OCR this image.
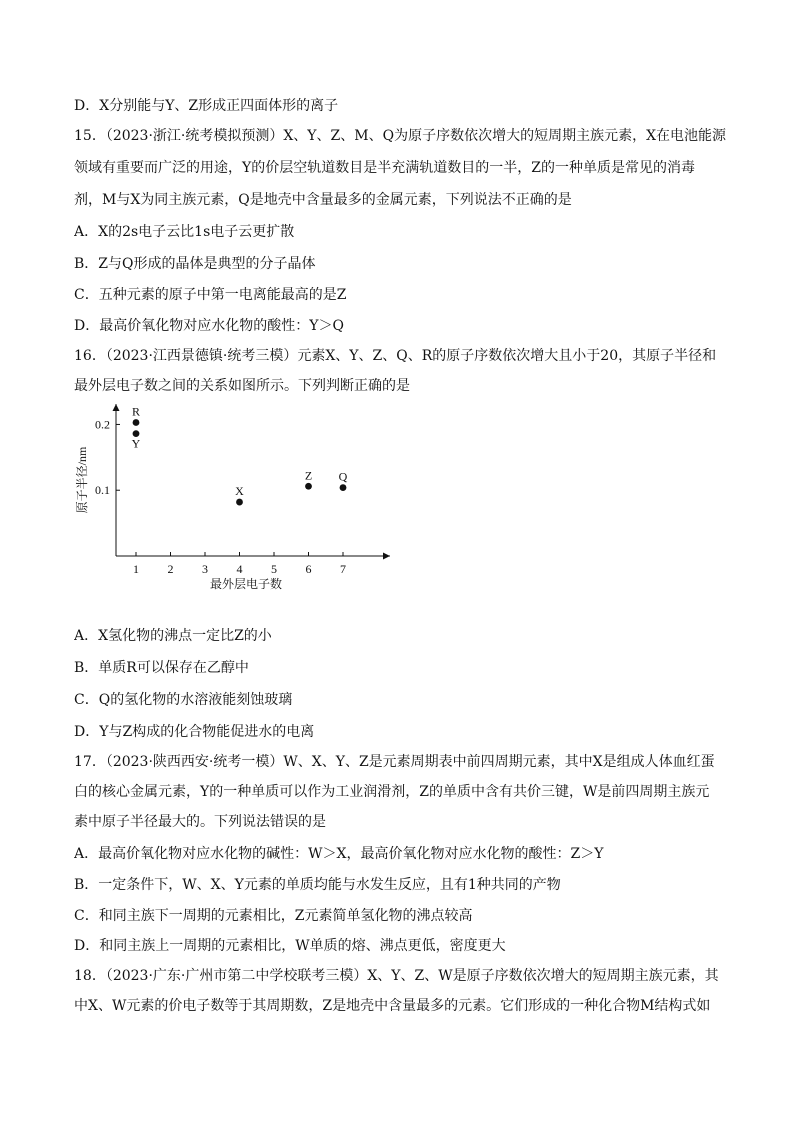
D．X分别能与Y、Z形成正四面体形的离子
15．（2023·浙江·统考模拟预测）X、Y、Z、M、Q为原子序数依次增大的短周期主族元素，X在电池能源
领域有重要而广泛的用途，Y的价层空轨道数目是半充满轨道数目的一半，Z的一种单质是常见的消毒
剂，M与X为同主族元素，Q是地壳中含量最多的金属元素，下列说法不正确的是
A．X的2s电子云比1s电子云更扩散
B．Z与Q形成的晶体是典型的分子晶体
C．五种元素的原子中第一电离能最高的是Z
D．最高价氧化物对应水化物的酸性：Y＞Q
16．（2023·江西景德镇·统考三模）元素X、Y、Z、Q、R的原子序数依次增大且小于20，其原子半径和
最外层电子数之间的关系如图所示。下列判断正确的是
1 2 3 4 5 6 7
0.1
0.2
最外层电子数
原子半径/nm
R
Y
X
Z Q
A．X氢化物的沸点一定比Z的小
B．单质R可以保存在乙醇中
C．Q的氢化物的水溶液能刻蚀玻璃
D．Y与Z构成的化合物能促进水的电离
17．（2023·陕西西安·统考一模）W、X、Y、Z是元素周期表中前四周期元素，其中X是组成人体血红蛋
白的核心金属元素，Y的一种单质可以作为工业润滑剂，Z的单质中含有共价三键，W是前四周期主族元
素中原子半径最大的。下列说法错误的是
A．最高价氧化物对应水化物的碱性：W＞X，最高价氧化物对应水化物的酸性：Z＞Y
B．一定条件下，W、X、Y元素的单质均能与水发生反应，且有1种共同的产物
C．和同主族下一周期的元素相比，Z元素简单氢化物的沸点较高
D．和同主族上一周期的元素相比，W单质的熔、沸点更低，密度更大
18．（2023·广东·广州市第二中学校联考三模）X、Y、Z、W是原子序数依次增大的短周期主族元素，其
中X、W元素的价电子数等于其周期数，Z是地壳中含量最多的元素。它们形成的一种化合物M结构式如
